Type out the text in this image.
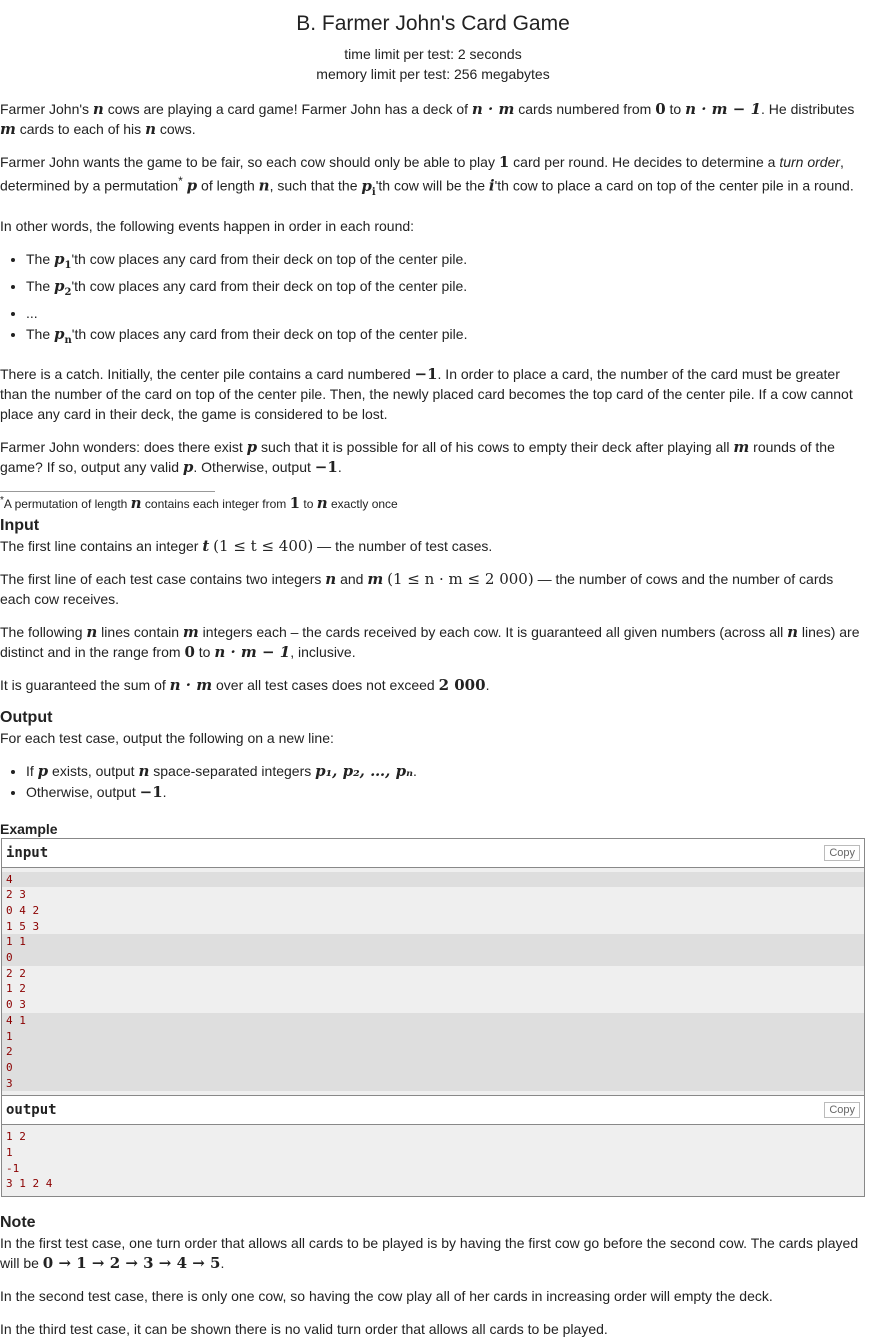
B. Farmer John's Card Game
time limit per test: 2 seconds
memory limit per test: 256 megabytes

Farmer John's n cows are playing a card game! Farmer John has a deck of n · m cards numbered from 0 to n · m − 1. He distributes m cards to each of his n cows.

Farmer John wants the game to be fair, so each cow should only be able to play 1 card per round. He decides to determine a turn order, determined by a permutation* p of length n, such that the $p_i'th$ cow will be the i'th cow to place a card on top of the center pile in a round.

In other words, the following events happen in order in each round:

• The $p_1'th$ cow places any card from their deck on top of the center pile.
• The $p_2'th$ cow places any card from their deck on top of the center pile.
• ...
• The $p_n'th$ cow places any card from their deck on top of the center pile.

There is a catch. Initially, the center pile contains a card numbered −1. In order to place a card, the number of the card must be greater than the number of the card on top of the center pile. Then, the newly placed card becomes the top card of the center pile. If a cow cannot place any card in their deck, the game is considered to be lost.

Farmer John wonders: does there exist p such that it is possible for all of his cows to empty their deck after playing all m rounds of the game? If so, output any valid p. Otherwise, output −1.

*A permutation of length n contains each integer from 1 to n exactly once
Input

The first line contains an integer t (1 ≤ t ≤ 400) — the number of test cases.

The first line of each test case contains two integers n and m (1 ≤ n · m ≤ 2 000) — the number of cows and the number of cards each cow receives.

The following n lines contain m integers each – the cards received by each cow. It is guaranteed all given numbers (across all n lines) are distinct and in the range from 0 to n · m − 1, inclusive.

It is guaranteed the sum of n · m over all test cases does not exceed 2 000.

Output

For each test case, output the following on a new line:

• If p exists, output n space-separated integers p₁, p₂, …, pₙ.
• Otherwise, output −1.
Example
input	Copy
4
2 3
0 4 2
1 5 3
1 1
0
2 2
1 2
0 3
4 1
1
2
0
3
output	Copy
1 2
1
-1
3 1 2 4
Note

In the first test case, one turn order that allows all cards to be played is by having the first cow go before the second cow. The cards played will be 0 → 1 → 2 → 3 → 4 → 5.

In the second test case, there is only one cow, so having the cow play all of her cards in increasing order will empty the deck.

In the third test case, it can be shown there is no valid turn order that allows all cards to be played.
